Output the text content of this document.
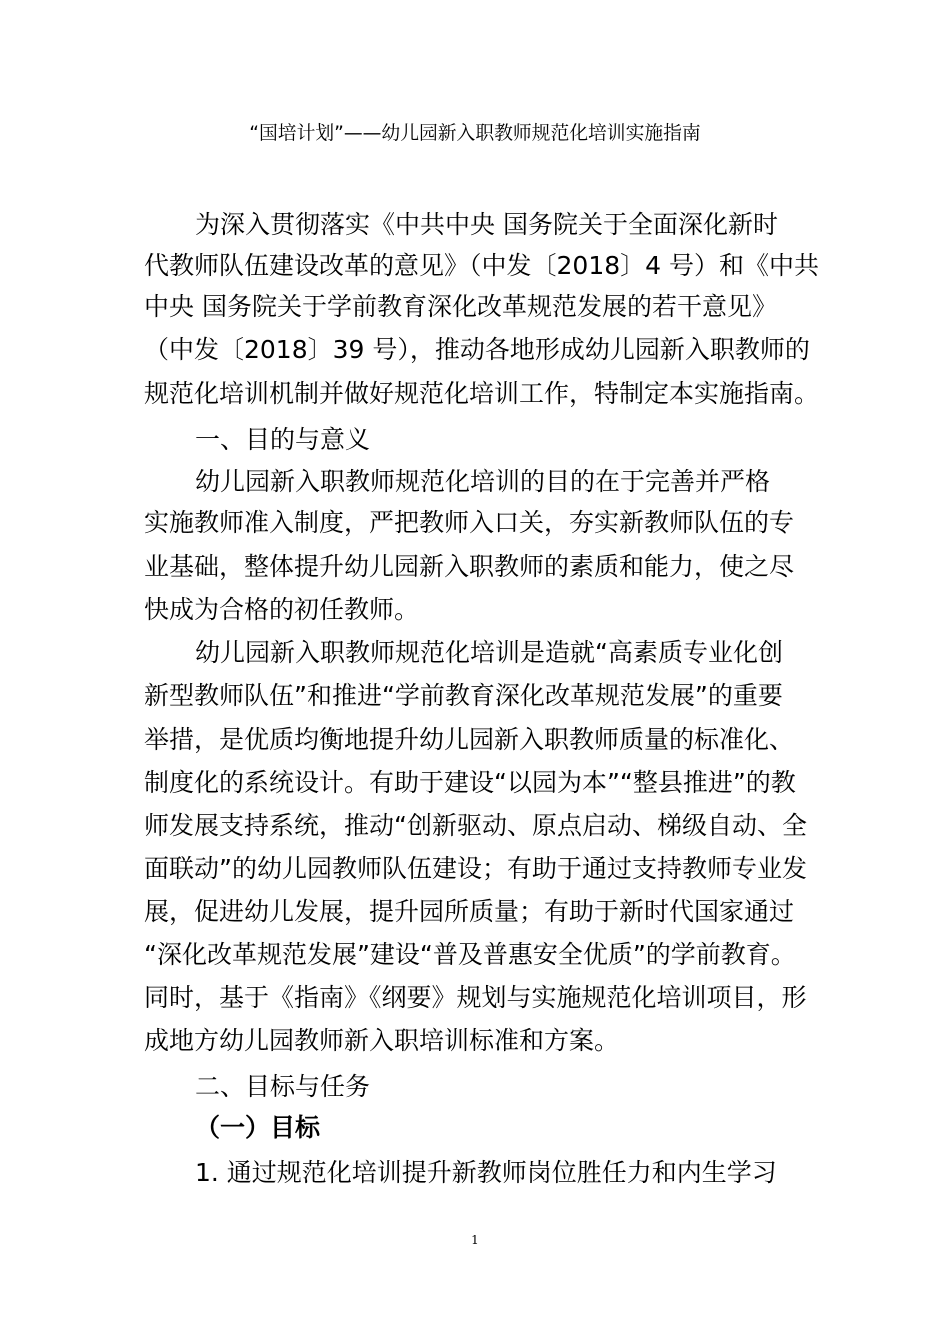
“国培计划”——幼儿园新入职教师规范化培训实施指南
为深入贯彻落实《中共中央 国务院关于全面深化新时
代教师队伍建设改革的意见》（中发〔2018〕4 号）和《中共
中央 国务院关于学前教育深化改革规范发展的若干意见》
（中发〔2018〕39 号），推动各地形成幼儿园新入职教师的
规范化培训机制并做好规范化培训工作，特制定本实施指南。
一、目的与意义
幼儿园新入职教师规范化培训的目的在于完善并严格
实施教师准入制度，严把教师入口关，夯实新教师队伍的专
业基础，整体提升幼儿园新入职教师的素质和能力，使之尽
快成为合格的初任教师。
幼儿园新入职教师规范化培训是造就“高素质专业化创
新型教师队伍”和推进“学前教育深化改革规范发展”的重要
举措，是优质均衡地提升幼儿园新入职教师质量的标准化、
制度化的系统设计。有助于建设“以园为本”“整县推进”的教
师发展支持系统，推动“创新驱动、原点启动、梯级自动、全
面联动”的幼儿园教师队伍建设；有助于通过支持教师专业发
展，促进幼儿发展，提升园所质量；有助于新时代国家通过
“深化改革规范发展”建设“普及普惠安全优质”的学前教育。
同时，基于《指南》《纲要》规划与实施规范化培训项目，形
成地方幼儿园教师新入职培训标准和方案。
二、目标与任务
（一）目标
1. 通过规范化培训提升新教师岗位胜任力和内生学习
1
